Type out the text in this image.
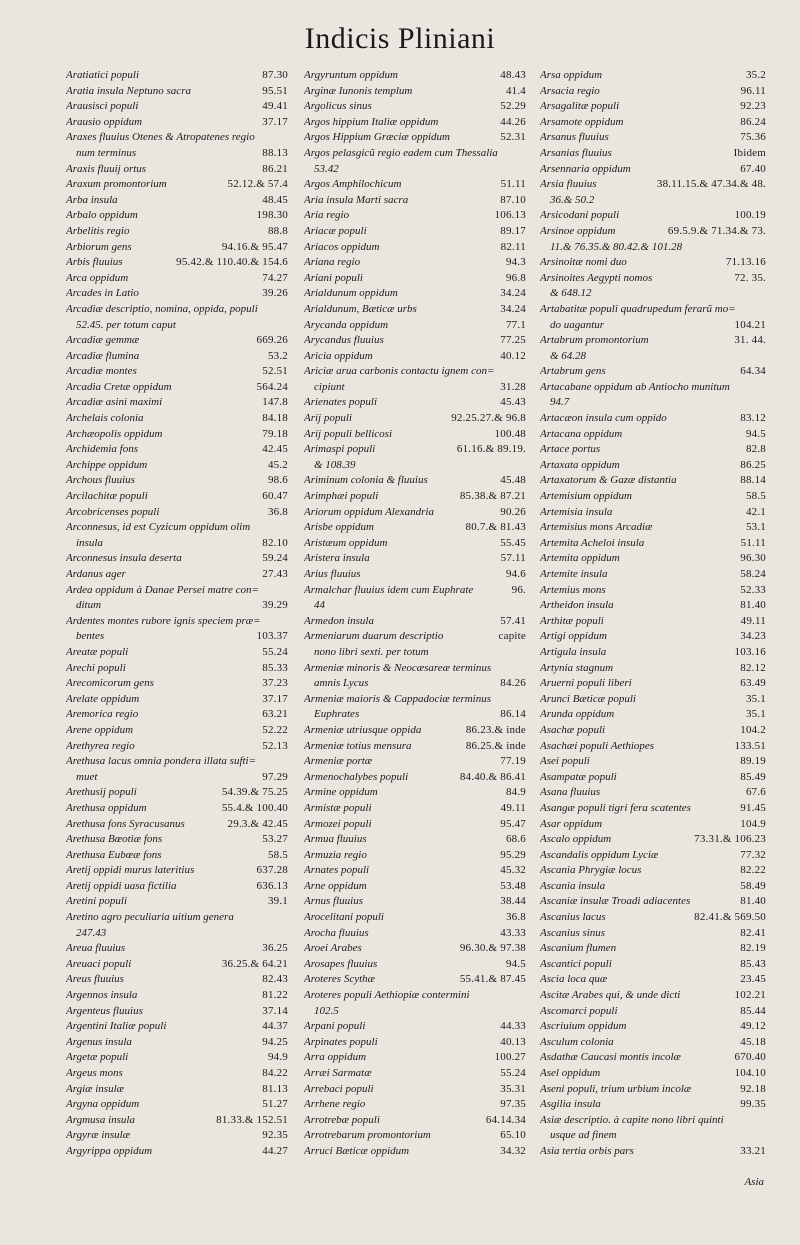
Indicis Pliniani
Aratiatici populi	87.30
Aratia insula Neptuno sacra	95.51
Arausisci populi	49.41
Arausio oppidum	37.17
Araxes fluuius Otenes & Atropatenes regio
num terminus	88.13
Araxis fluuij ortus	86.21
Araxum promontorium	52.12.& 57.4
Arba insula	48.45
Arbalo oppidum	198.30
Arbelitis regio	88.8
Arbiorum gens	94.16.& 95.47
Arbis fluuius	95.42.& 110.40.& 154.6
Arca oppidum	74.27
Arcades in Latio	39.26
Arcadiæ descriptio, nomina, oppida, populi
52.45. per totum caput
Arcadiæ gemmæ	669.26
Arcadiæ flumina	53.2
Arcadiæ montes	52.51
Arcadia Cretæ oppidum	564.24
Arcadiæ asini maximi	147.8
Archelais colonia	84.18
Archæopolis oppidum	79.18
Archidemia fons	42.45
Archippe oppidum	45.2
Archous fluuius	98.6
Arcilachitæ populi	60.47
Arcobricenses populi	36.8
Arconnesus, id est Cyzicum oppidum olim
insula	82.10
Arconnesus insula deserta	59.24
Ardanus ager	27.43
Ardea oppidum à Danae Persei matre con=
ditum	39.29
Ardentes montes rubore ignis speciem præ=
bentes	103.37
Areatæ populi	55.24
Arechi populi	85.33
Arecomicorum gens	37.23
Arelate oppidum	37.17
Aremorica regio	63.21
Arene oppidum	52.22
Arethyrea regio	52.13
Arethusa lacus omnia pondera illata sufti=
muet	97.29
Arethusij populi	54.39.& 75.25
Arethusa oppidum	55.4.& 100.40
Arethusa fons Syracusanus	29.3.& 42.45
Arethusa Bœotiæ fons	53.27
Arethusa Eubœæ fons	58.5
Aretij oppidi murus lateritius	637.28
Aretij oppidi uasa fictilia	636.13
Aretini populi	39.1
Aretino agro peculiaria uitium genera
247.43
Areua fluuius	36.25
Areuaci populi	36.25.& 64.21
Areus fluuius	82.43
Argennos insula	81.22
Argenteus fluuius	37.14
Argentini Italiæ populi	44.37
Argenus insula	94.25
Argetæ populi	94.9
Argeus mons	84.22
Argiæ insulæ	81.13
Argyna oppidum	51.27
Argmusa insula	81.33.& 152.51
Argyræ insulæ	92.35
Argyrippa oppidum	44.27
Argyruntum oppidum	48.43
Arginæ Iunonis templum	41.4
Argolicus sinus	52.29
Argos hippium Italiæ oppidum	44.26
Argos Hippium Græciæ oppidum	52.31
Argos pelasgicũ regio eadem cum Thessalia
53.42
Argos Amphilochicum	51.11
Aria insula Marti sacra	87.10
Aria regio	106.13
Ariacæ populi	89.17
Ariacos oppidum	82.11
Ariana regio	94.3
Ariani populi	96.8
Arialdunum oppidum	34.24
Arialdunum, Bæticæ urbs	34.24
Arycanda oppidum	77.1
Arycandus fluuius	77.25
Aricia oppidum	40.12
Ariciæ arua carbonis contactu ignem con=
cipiunt	31.28
Arienates populi	45.43
Arij populi	92.25.27.& 96.8
Arij populi bellicosi	100.48
Arimaspi populi	61.16.& 89.19.
& 108.39
Ariminum colonia & fluuius	45.48
Arimphæi populi	85.38.& 87.21
Ariorum oppidum Alexandria	90.26
Arisbe oppidum	80.7.& 81.43
Aristæum oppidum	55.45
Aristera insula	57.11
Arius fluuius	94.6
Armalchar fluuius idem cum Euphrate	96.
44
Armedon insula	57.41
Armeniarum duarum descriptio	capite
nono libri sexti. per totum
Armeniæ minoris & Neocæsareæ terminus
amnis Lycus	84.26
Armeniæ maioris & Cappadociæ terminus
Euphrates	86.14
Armeniæ utriusque oppida	86.23.& inde
Armeniæ totius mensura	86.25.& inde
Armeniæ portæ	77.19
Armenochalybes populi	84.40.& 86.41
Armine oppidum	84.9
Armistæ populi	49.11
Armozei populi	95.47
Armua fluuius	68.6
Armuzia regio	95.29
Arnates populi	45.32
Arne oppidum	53.48
Arnus fluuius	38.44
Arocelitani populi	36.8
Arocha fluuius	43.33
Aroei Arabes	96.30.& 97.38
Arosapes fluuius	94.5
Aroteres Scythæ	55.41.& 87.45
Aroteres populi Aethiopiæ contermini
102.5
Arpani populi	44.33
Arpinates populi	40.13
Arra oppidum	100.27
Arræi Sarmatæ	55.24
Arrebaci populi	35.31
Arrhene regio	97.35
Arrotrebæ populi	64.14.34
Arrotrebarum promontorium	65.10
Arruci Bæticæ oppidum	34.32
Arsa oppidum	35.2
Arsacia regio	96.11
Arsagalitæ populi	92.23
Arsamote oppidum	86.24
Arsanus fluuius	75.36
Arsanias fluuius	Ibidem
Arsennaria oppidum	67.40
Arsia fluuius	38.11.15.& 47.34.& 48.
36.& 50.2
Arsicodani populi	100.19
Arsinoe oppidum	69.5.9.& 71.34.& 73.
11.& 76.35.& 80.42.& 101.28
Arsinoitæ nomi duo	71.13.16
Arsinoites Aegypti nomos	72. 35.
& 648.12
Artabatitæ populi quadrupedum ferarũ mo=
do uagantur	104.21
Artabrum promontorium	31. 44.
& 64.28
Artabrum gens	64.34
Artacabane oppidum ab Antiocho munitum
94.7
Artacæon insula cum oppido	83.12
Artacana oppidum	94.5
Artace portus	82.8
Artaxata oppidum	86.25
Artaxatorum & Gazæ distantia	88.14
Artemisium oppidum	58.5
Artemisia insula	42.1
Artemisius mons Arcadiæ	53.1
Artemita Acheloi insula	51.11
Artemita oppidum	96.30
Artemite insula	58.24
Artemius mons	52.33
Artheidon insula	81.40
Arthitæ populi	49.11
Artigi oppidum	34.23
Artigula insula	103.16
Artynia stagnum	82.12
Aruerni populi liberi	63.49
Arunci Bæticæ populi	35.1
Arunda oppidum	35.1
Asachæ populi	104.2
Asachæi populi Aethiopes	133.51
Asei populi	89.19
Asampatæ populi	85.49
Asana fluuius	67.6
Asangæ populi tigri fera scatentes	91.45
Asar oppidum	104.9
Ascalo oppidum	73.31.& 106.23
Ascandalis oppidum Lyciæ	77.32
Ascania Phrygiæ locus	82.22
Ascania insula	58.49
Ascaniæ insulæ Troadi adiacentes	81.40
Ascanius lacus	82.41.& 569.50
Ascanius sinus	82.41
Ascanium flumen	82.19
Ascantici populi	85.43
Ascia loca quæ	23.45
Ascitæ Arabes qui, & unde dicti	102.21
Ascomarci populi	85.44
Ascriuium oppidum	49.12
Asculum colonia	45.18
Asdathæ Caucasi montis incolæ	670.40
Asel oppidum	104.10
Aseni populi, trium urbium incolæ	92.18
Asgilia insula	99.35
Asiæ descriptio. à capite nono libri quinti
usque ad finem
Asia tertia orbis pars	33.21
Asia
